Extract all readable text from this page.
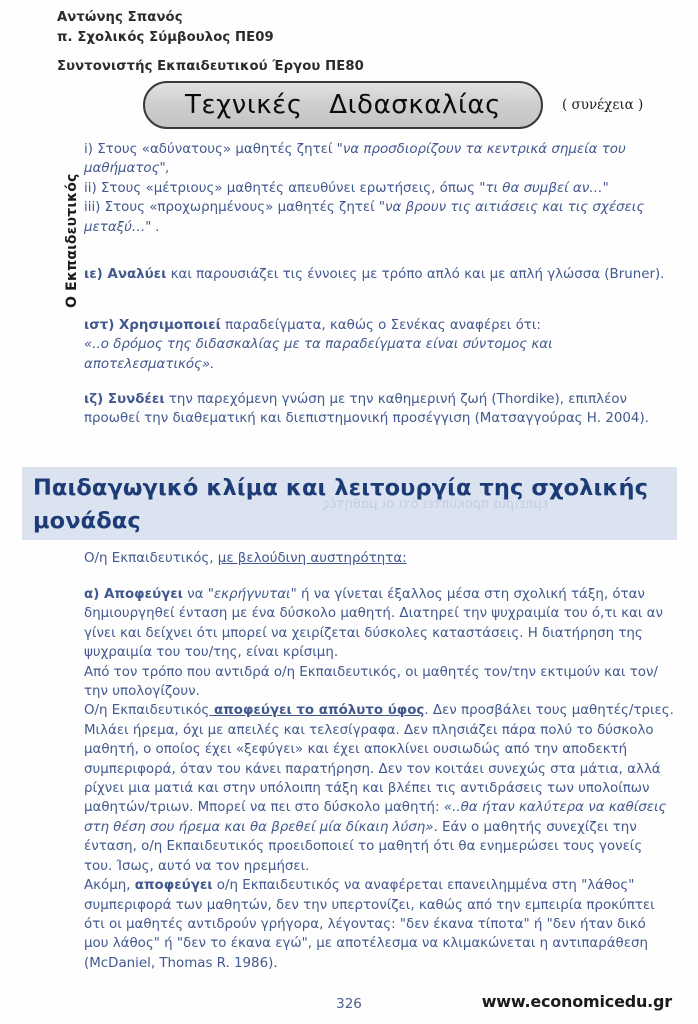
Αντώνης Σπανός
π. Σχολικός Σύμβουλος ΠΕ09
Συντονιστής Εκπαιδευτικού Έργου ΠΕ80
Τεχνικές   Διδασκαλίας	( συνέχεια )
Ο Εκπαιδευτικός

i) Στους «αδύνατους» μαθητές ζητεί "να προσδιορίζουν τα κεντρικά σημεία του μαθήματος",

ii) Στους «μέτριους» μαθητές απευθύνει ερωτήσεις, όπως "τι θα συμβεί αν…"

iii) Στους «προχωρημένους» μαθητές ζητεί "να βρουν τις αιτιάσεις και τις σχέσεις μεταξύ…" .

ιε) Αναλύει και παρουσιάζει τις έννοιες με τρόπο απλό και με απλή γλώσσα (Bruner).

ιστ) Χρησιμοποιεί παραδείγματα, καθώς ο Σενέκας αναφέρει ότι:

«..ο δρόμος της διδασκαλίας με τα παραδείγματα είναι σύντομος και αποτελεσματικός».

ιζ) Συνδέει την παρεχόμενη γνώση με την καθημερινή ζωή (Thordike), επιπλέον προωθεί την διαθεματική και διεπιστημονική προσέγγιση (Ματσαγγούρας Η. 2004).

εμπειρία προκύπτει ότι οι μαθητές
Παιδαγωγικό κλίμα και λειτουργία της σχολικής μονάδας

Ο/η Εκπαιδευτικός, με βελούδινη αυστηρότητα:

α) Αποφεύγει να "εκρήγνυται" ή να γίνεται έξαλλος μέσα στη σχολική τάξη, όταν δημιουργηθεί ένταση με ένα δύσκολο μαθητή. Διατηρεί την ψυχραιμία του ό,τι και αν γίνει και δείχνει ότι μπορεί να χειρίζεται δύσκολες καταστάσεις. Η διατήρηση της ψυχραιμία του του/της, είναι κρίσιμη.

Από τον τρόπο που αντιδρά ο/η Εκπαιδευτικός, οι μαθητές τον/την εκτιμούν και τον/την υπολογίζουν.

Ο/η Εκπαιδευτικός αποφεύγει το απόλυτο ύφος. Δεν προσβάλει τους μαθητές/τριες. Μιλάει ήρεμα, όχι με απειλές και τελεσίγραφα. Δεν πλησιάζει πάρα πολύ το δύσκολο μαθητή, ο οποίος έχει «ξεφύγει» και έχει αποκλίνει ουσιωδώς από την αποδεκτή συμπεριφορά, όταν του κάνει παρατήρηση. Δεν τον κοιτάει συνεχώς στα μάτια, αλλά ρίχνει μια ματιά και στην υπόλοιπη τάξη και βλέπει τις αντιδράσεις των υπολοίπων μαθητών/τριων. Μπορεί να πει στο δύσκολο μαθητή: «..θα ήταν καλύτερα να καθίσεις στη θέση σου ήρεμα και θα βρεθεί μία δίκαιη λύση». Εάν ο μαθητής συνεχίζει την ένταση, ο/η Εκπαιδευτικός προειδοποιεί το μαθητή ότι θα ενημερώσει τους γονείς του. Ίσως, αυτό να τον ηρεμήσει.

Ακόμη, αποφεύγει ο/η Εκπαιδευτικός να αναφέρεται επανειλημμένα στη "λάθος" συμπεριφορά των μαθητών, δεν την υπερτονίζει, καθώς από την εμπειρία προκύπτει ότι οι μαθητές αντιδρούν γρήγορα, λέγοντας: "δεν έκανα τίποτα" ή "δεν ήταν δικό μου λάθος" ή "δεν το έκανα εγώ", με αποτέλεσμα να κλιμακώνεται η αντιπαράθεση (McDaniel, Thomas R. 1986).

326	www.economicedu.gr
